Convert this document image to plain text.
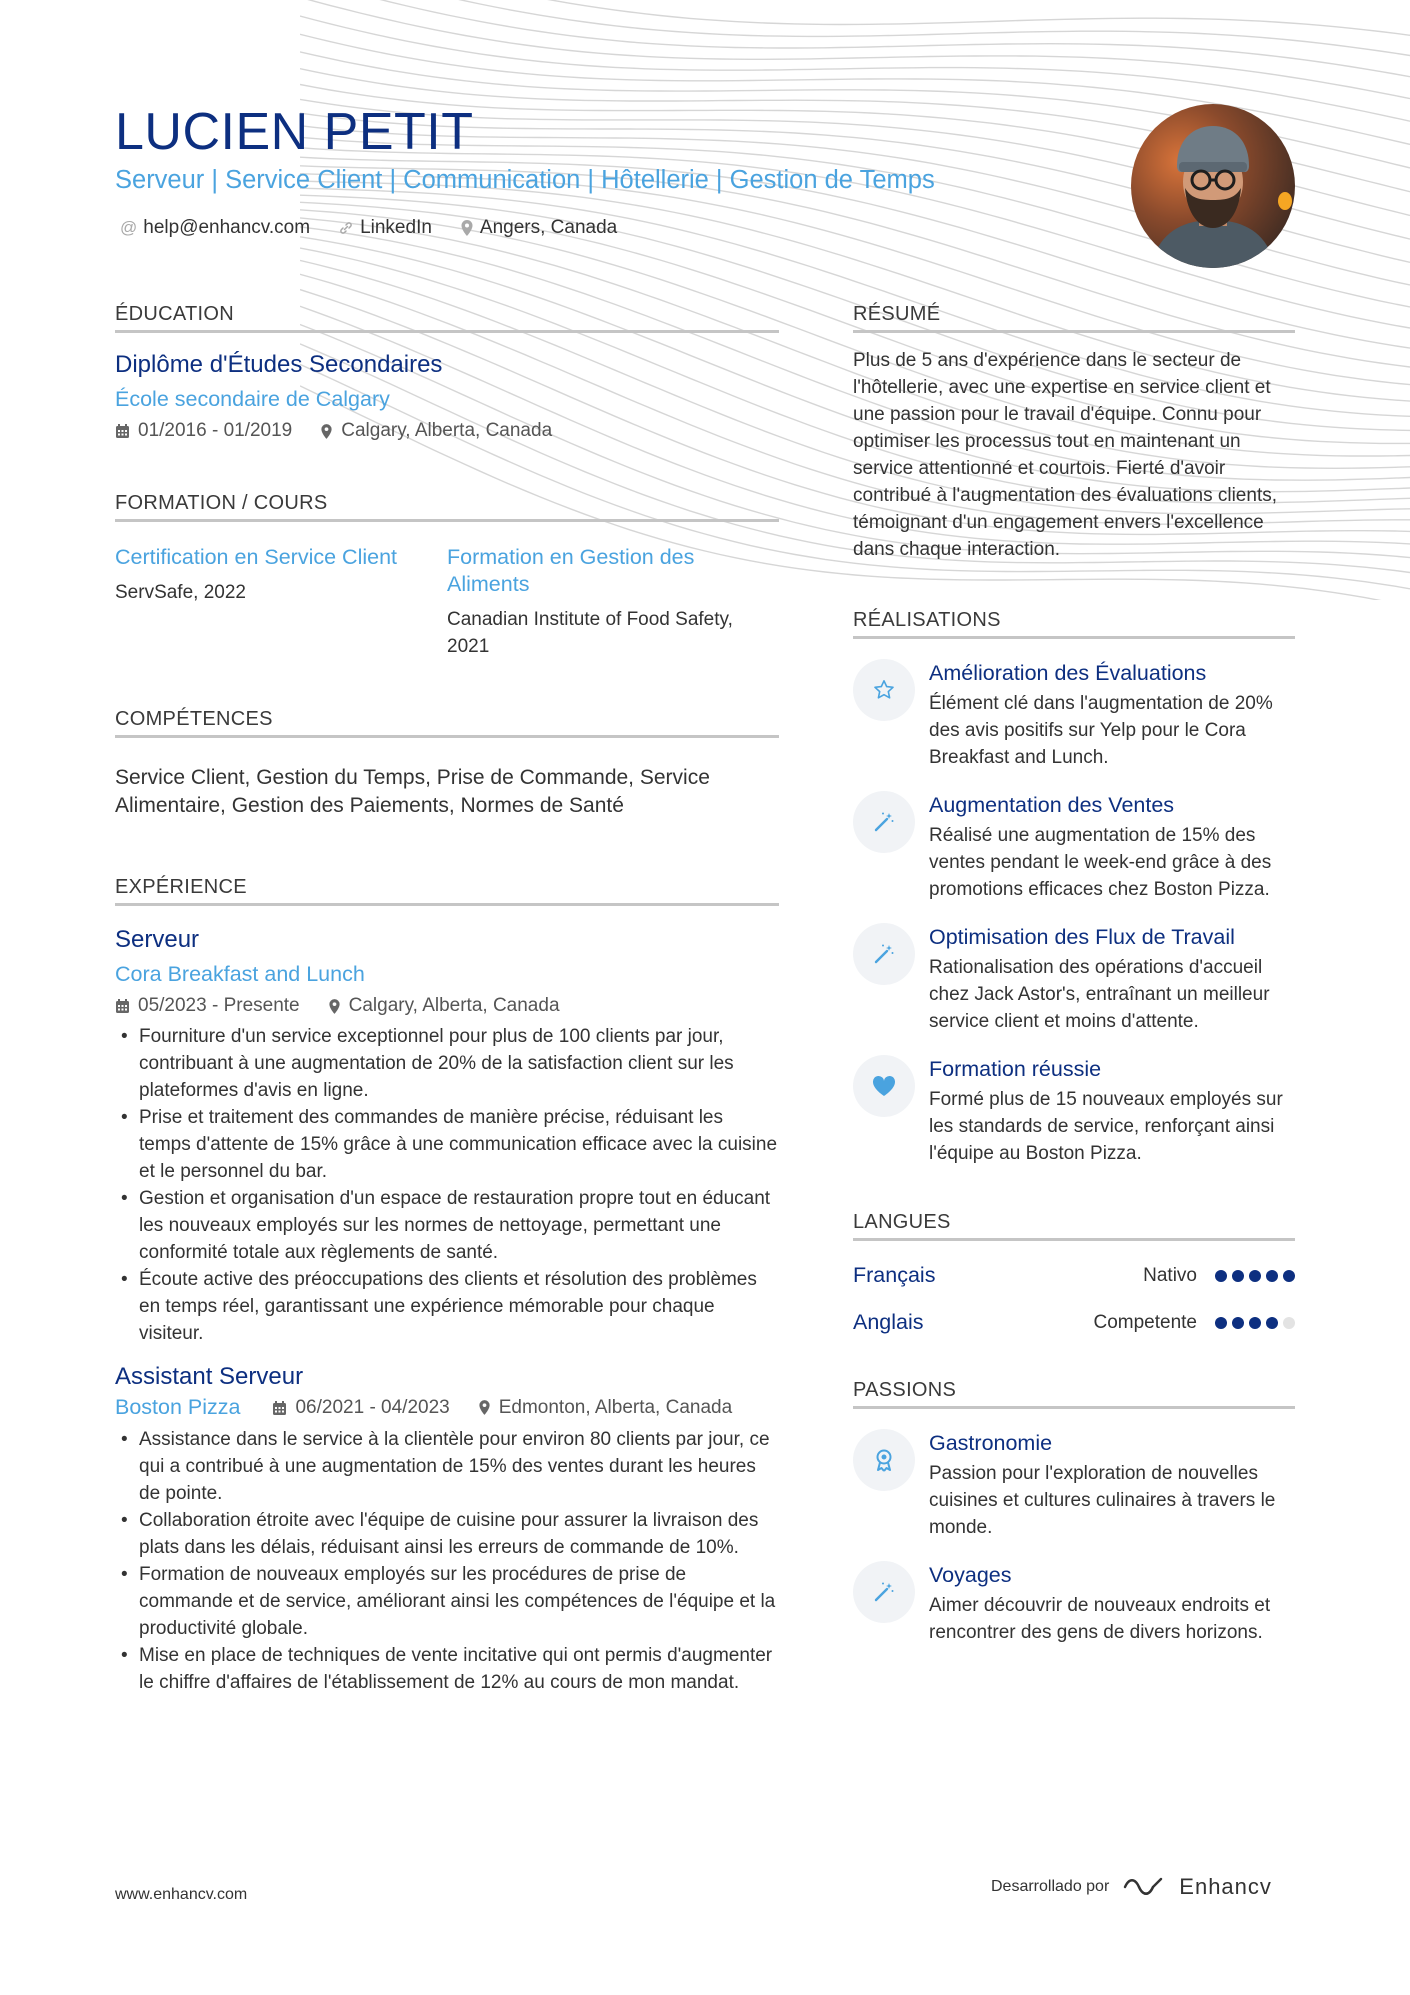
LUCIEN PETIT
Serveur | Service Client | Communication | Hôtellerie | Gestion de Temps
@ help@enhancv.com	LinkedIn	Angers, Canada
ÉDUCATION
Diplôme d'Études Secondaires
École secondaire de Calgary
01/2016 - 01/2019	Calgary, Alberta, Canada
FORMATION / COURS
Certification en Service Client
ServSafe, 2022
Formation en Gestion des Aliments
Canadian Institute of Food Safety, 2021
COMPÉTENCES
Service Client, Gestion du Temps, Prise de Commande, Service Alimentaire, Gestion des Paiements, Normes de Santé
EXPÉRIENCE
Serveur
Cora Breakfast and Lunch
05/2023 - Presente	Calgary, Alberta, Canada
• Fourniture d'un service exceptionnel pour plus de 100 clients par jour, contribuant à une augmentation de 20% de la satisfaction client sur les plateformes d'avis en ligne.
• Prise et traitement des commandes de manière précise, réduisant les temps d'attente de 15% grâce à une communication efficace avec la cuisine et le personnel du bar.
• Gestion et organisation d'un espace de restauration propre tout en éducant les nouveaux employés sur les normes de nettoyage, permettant une conformité totale aux règlements de santé.
• Écoute active des préoccupations des clients et résolution des problèmes en temps réel, garantissant une expérience mémorable pour chaque visiteur.
Assistant Serveur
Boston Pizza	06/2021 - 04/2023	Edmonton, Alberta, Canada
• Assistance dans le service à la clientèle pour environ 80 clients par jour, ce qui a contribué à une augmentation de 15% des ventes durant les heures de pointe.
• Collaboration étroite avec l'équipe de cuisine pour assurer la livraison des plats dans les délais, réduisant ainsi les erreurs de commande de 10%.
• Formation de nouveaux employés sur les procédures de prise de commande et de service, améliorant ainsi les compétences de l'équipe et la productivité globale.
• Mise en place de techniques de vente incitative qui ont permis d'augmenter le chiffre d'affaires de l'établissement de 12% au cours de mon mandat.
RÉSUMÉ
Plus de 5 ans d'expérience dans le secteur de l'hôtellerie, avec une expertise en service client et une passion pour le travail d'équipe. Connu pour optimiser les processus tout en maintenant un service attentionné et courtois. Fierté d'avoir contribué à l'augmentation des évaluations clients, témoignant d'un engagement envers l'excellence dans chaque interaction.
RÉALISATIONS
Amélioration des Évaluations
Élément clé dans l'augmentation de 20% des avis positifs sur Yelp pour le Cora Breakfast and Lunch.
Augmentation des Ventes
Réalisé une augmentation de 15% des ventes pendant le week-end grâce à des promotions efficaces chez Boston Pizza.
Optimisation des Flux de Travail
Rationalisation des opérations d'accueil chez Jack Astor's, entraînant un meilleur service client et moins d'attente.
Formation réussie
Formé plus de 15 nouveaux employés sur les standards de service, renforçant ainsi l'équipe au Boston Pizza.
LANGUES
Français	Nativo
Anglais	Competente
PASSIONS
Gastronomie
Passion pour l'exploration de nouvelles cuisines et cultures culinaires à travers le monde.
Voyages
Aimer découvrir de nouveaux endroits et rencontrer des gens de divers horizons.
www.enhancv.com	Desarrollado por	Enhancv
